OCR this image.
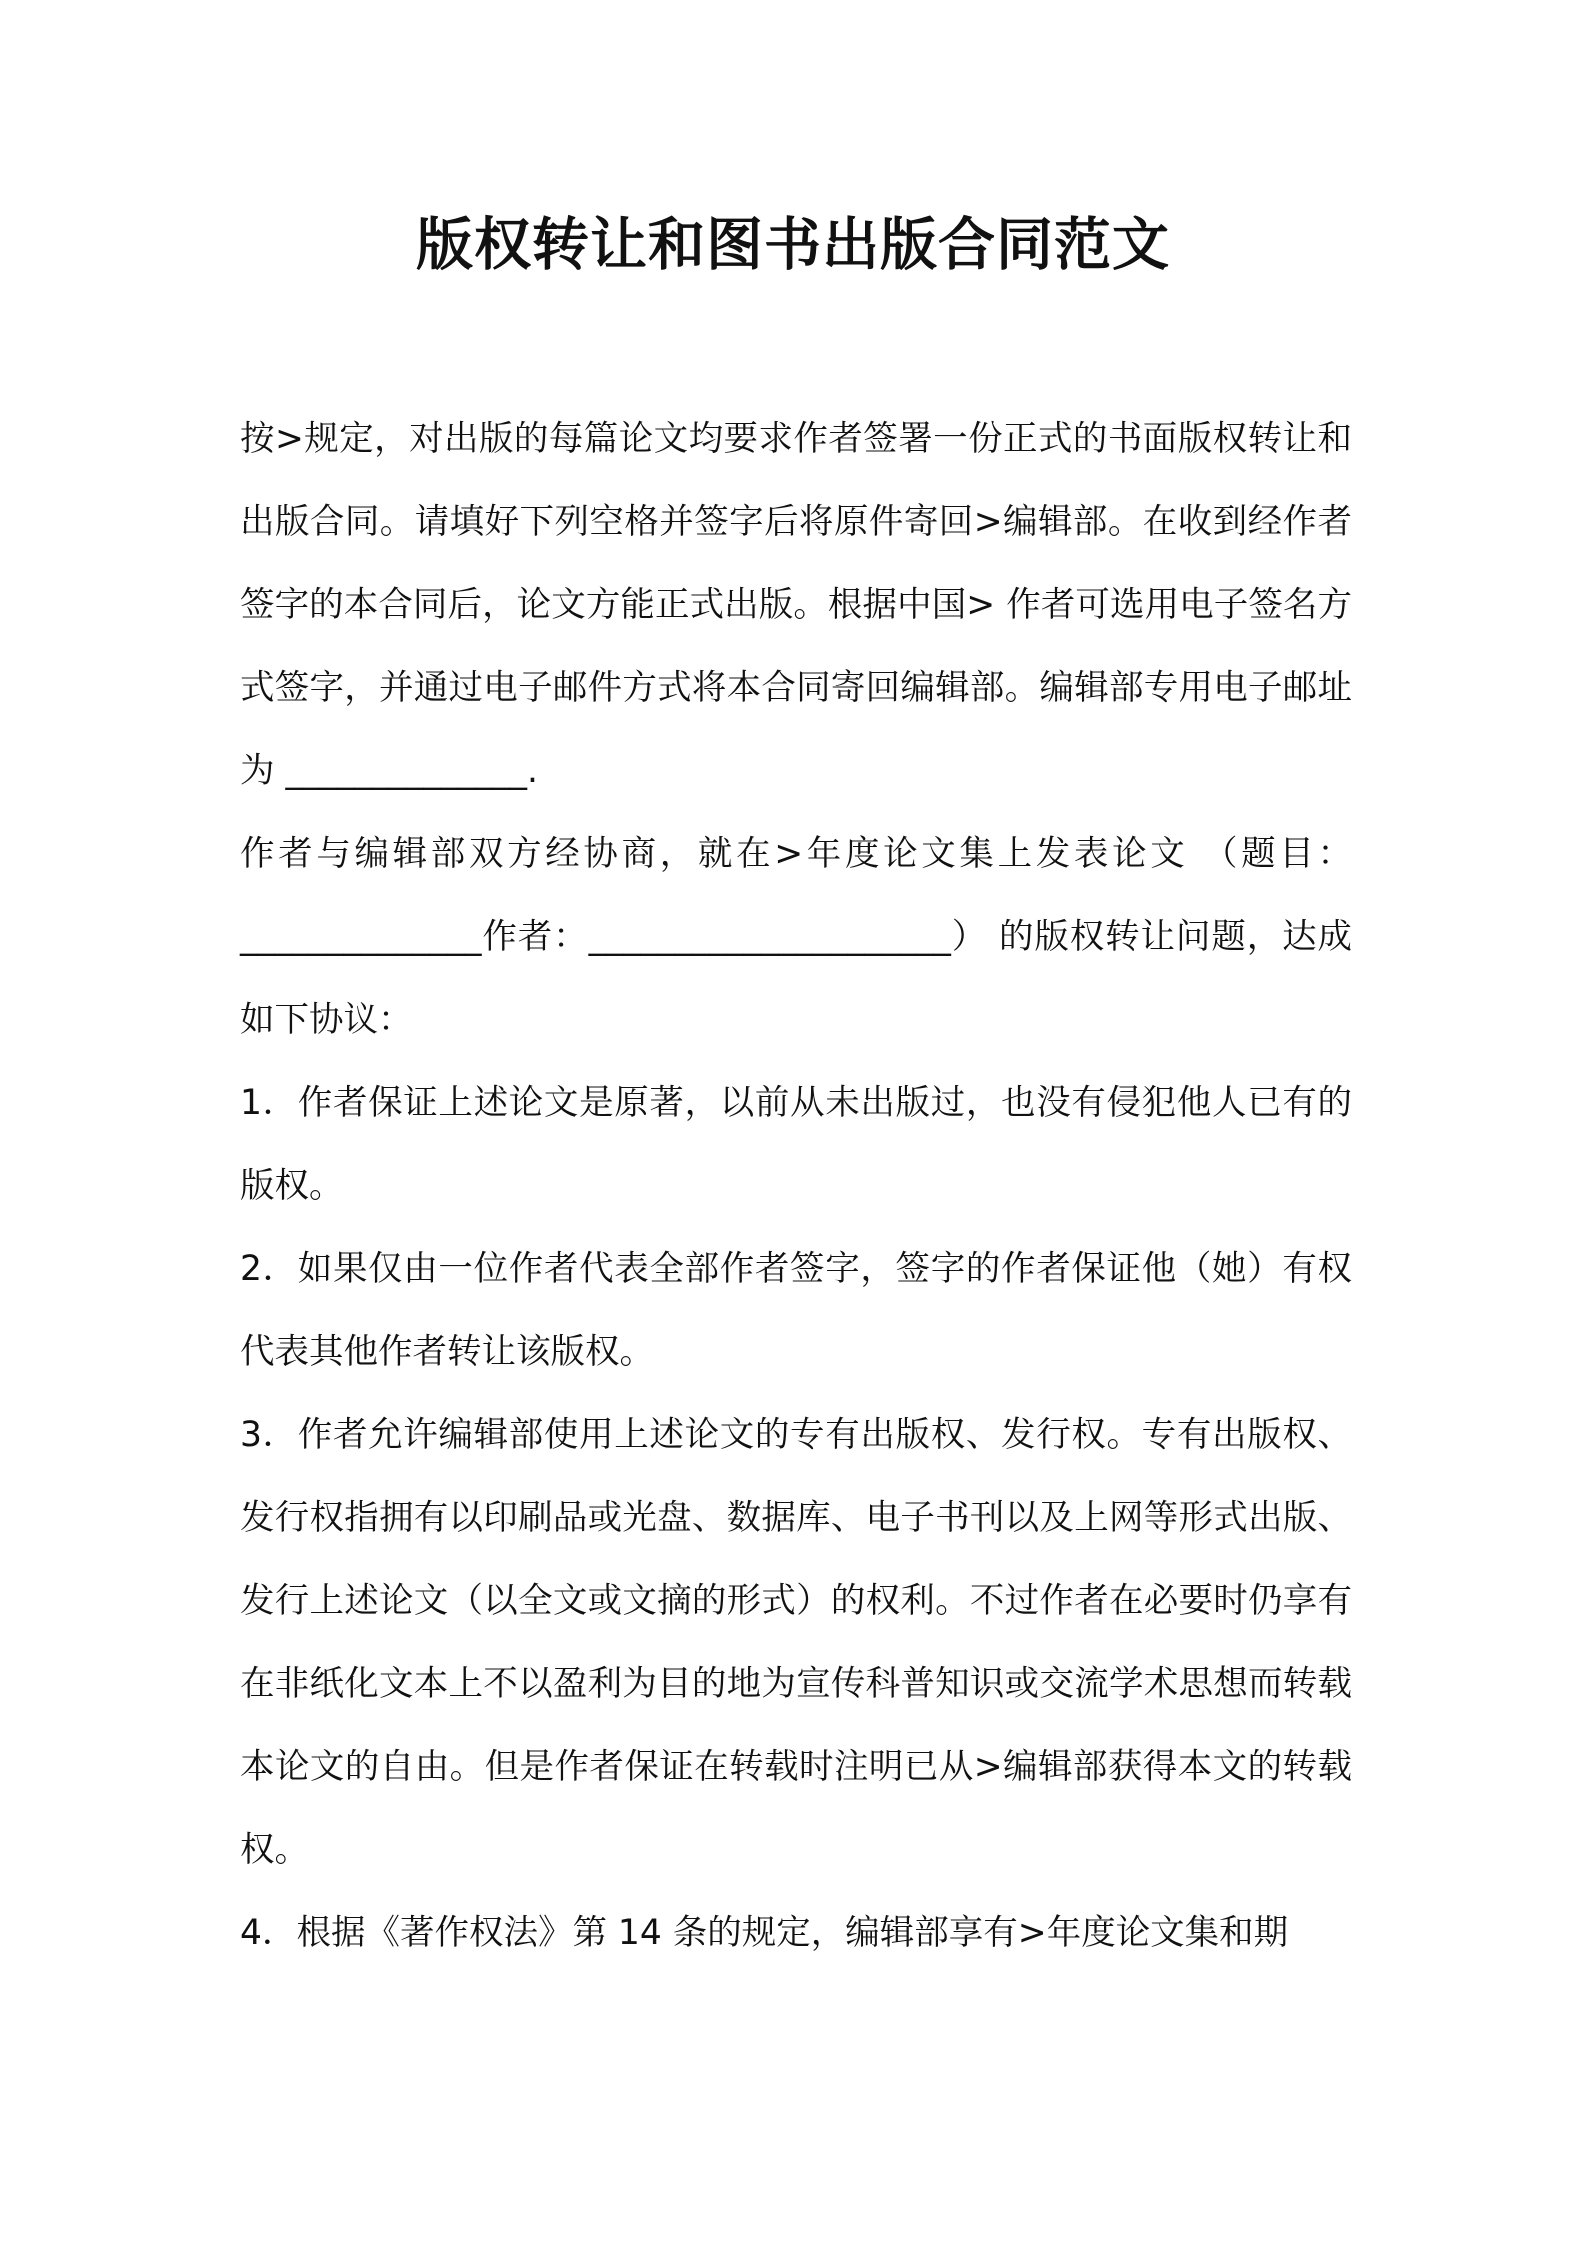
版权转让和图书出版合同范文

按>规定，对出版的每篇论文均要求作者签署一份正式的书面版权转让和出版合同。请填好下列空格并签字后将原件寄回>编辑部。在收到经作者签字的本合同后，论文方能正式出版。根据中国> 作者可选用电子签名方式签字，并通过电子邮件方式将本合同寄回编辑部。编辑部专用电子邮址为 ______________.

作者与编辑部双方经协商，就在>年度论文集上发表论文 （题目：______________作者：_____________________） 的版权转让问题，达成如下协议：

1．作者保证上述论文是原著，以前从未出版过，也没有侵犯他人已有的版权。

2．如果仅由一位作者代表全部作者签字，签字的作者保证他（她）有权代表其他作者转让该版权。

3．作者允许编辑部使用上述论文的专有出版权、发行权。专有出版权、发行权指拥有以印刷品或光盘、数据库、电子书刊以及上网等形式出版、发行上述论文（以全文或文摘的形式）的权利。不过作者在必要时仍享有在非纸化文本上不以盈利为目的地为宣传科普知识或交流学术思想而转载本论文的自由。但是作者保证在转载时注明已从>编辑部获得本文的转载权。

4．根据《著作权法》第 14 条的规定，编辑部享有>年度论文集和期
